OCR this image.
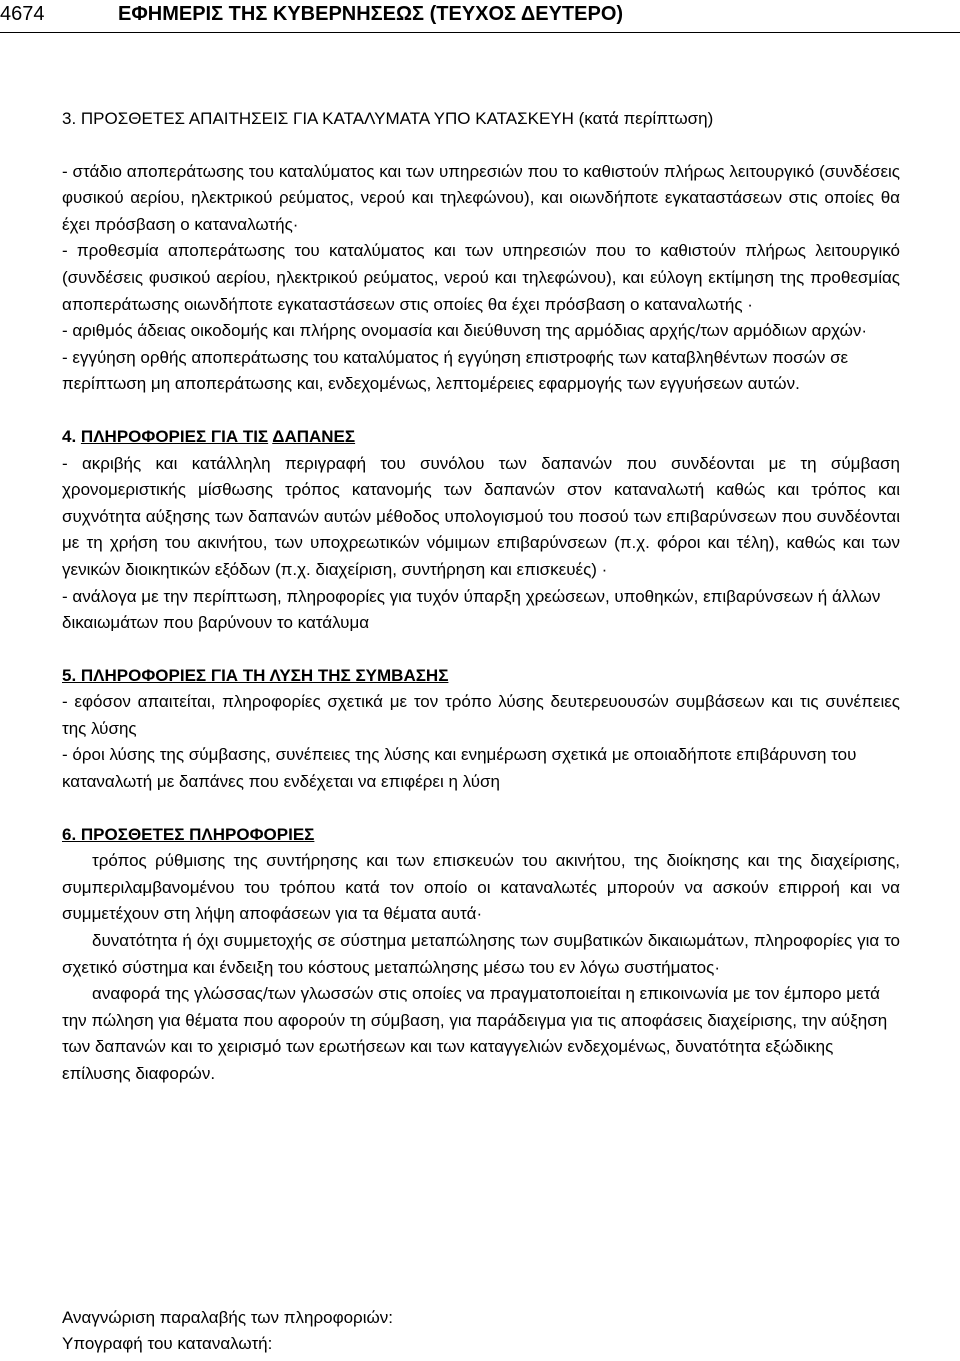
4674	ΕΦΗΜΕΡΙΣ ΤΗΣ ΚΥΒΕΡΝΗΣΕΩΣ (ΤΕΥΧΟΣ ΔΕΥΤΕΡΟ)
3. ΠΡΟΣΘΕΤΕΣ ΑΠΑΙΤΗΣΕΙΣ ΓΙΑ ΚΑΤΑΛΥΜΑΤΑ ΥΠΟ ΚΑΤΑΣΚΕΥΗ (κατά περίπτωση)

- στάδιο αποπεράτωσης του καταλύματος και των υπηρεσιών που το καθιστούν πλήρως λειτουργικό (συνδέσεις φυσικού αερίου, ηλεκτρικού ρεύματος, νερού και τηλεφώνου), και οιωνδήποτε εγκαταστάσεων στις οποίες θα έχει πρόσβαση ο καταναλωτής·

- προθεσμία αποπεράτωσης του καταλύματος και των υπηρεσιών που το καθιστούν πλήρως λειτουργικό (συνδέσεις φυσικού αερίου, ηλεκτρικού ρεύματος, νερού και τηλεφώνου), και εύλογη εκτίμηση της προθεσμίας αποπεράτωσης οιωνδήποτε εγκαταστάσεων στις οποίες θα έχει πρόσβαση ο καταναλωτής ·

- αριθμός άδειας οικοδομής και πλήρης ονομασία και διεύθυνση της αρμόδιας αρχής/των αρμόδιων αρχών·

- εγγύηση ορθής αποπεράτωσης του καταλύματος ή εγγύηση επιστροφής των καταβληθέντων ποσών σε περίπτωση μη αποπεράτωσης και, ενδεχομένως, λεπτομέρειες εφαρμογής των εγγυήσεων αυτών.

4. ΠΛΗΡΟΦΟΡΙΕΣ ΓΙΑ ΤΙΣ ΔΑΠΑΝΕΣ

- ακριβής και κατάλληλη περιγραφή του συνόλου των δαπανών που συνδέονται με τη σύμβαση χρονομεριστικής μίσθωσης τρόπος κατανομής των δαπανών στον καταναλωτή καθώς και τρόπος και συχνότητα αύξησης των δαπανών αυτών μέθοδος υπολογισμού του ποσού των επιβαρύνσεων που συνδέονται με τη χρήση του ακινήτου, των υποχρεωτικών νόμιμων επιβαρύνσεων (π.χ. φόροι και τέλη), καθώς και των γενικών διοικητικών εξόδων (π.χ. διαχείριση, συντήρηση και επισκευές) ·

- ανάλογα με την περίπτωση, πληροφορίες για τυχόν ύπαρξη χρεώσεων, υποθηκών, επιβαρύνσεων ή άλλων δικαιωμάτων που βαρύνουν το κατάλυμα

5. ΠΛΗΡΟΦΟΡΙΕΣ ΓΙΑ ΤΗ ΛΥΣΗ ΤΗΣ ΣΥΜΒΑΣΗΣ

- εφόσον απαιτείται, πληροφορίες σχετικά με τον τρόπο λύσης δευτερευουσών συμβάσεων και τις συνέπειες της λύσης

- όροι λύσης της σύμβασης, συνέπειες της λύσης και ενημέρωση σχετικά με οποιαδήποτε επιβάρυνση του καταναλωτή με δαπάνες που ενδέχεται να επιφέρει η λύση

6. ΠΡΟΣΘΕΤΕΣ ΠΛΗΡΟΦΟΡΙΕΣ

τρόπος ρύθμισης της συντήρησης και των επισκευών του ακινήτου, της διοίκησης και της διαχείρισης, συμπεριλαμβανομένου του τρόπου κατά τον οποίο οι καταναλωτές μπορούν να ασκούν επιρροή και να συμμετέχουν στη λήψη αποφάσεων για τα θέματα αυτά·

δυνατότητα ή όχι συμμετοχής σε σύστημα μεταπώλησης των συμβατικών δικαιωμάτων, πληροφορίες για το σχετικό σύστημα και ένδειξη του κόστους μεταπώλησης μέσω του εν λόγω συστήματος·

αναφορά της γλώσσας/των γλωσσών στις οποίες να πραγματοποιείται η επικοινωνία με τον έμπορο μετά την πώληση για θέματα που αφορούν τη σύμβαση, για παράδειγμα για τις αποφάσεις διαχείρισης, την αύξηση των δαπανών και το χειρισμό των ερωτήσεων και των καταγγελιών ενδεχομένως, δυνατότητα εξώδικης επίλυσης διαφορών.

Αναγνώριση παραλαβής των πληροφοριών:
Υπογραφή του καταναλωτή:
